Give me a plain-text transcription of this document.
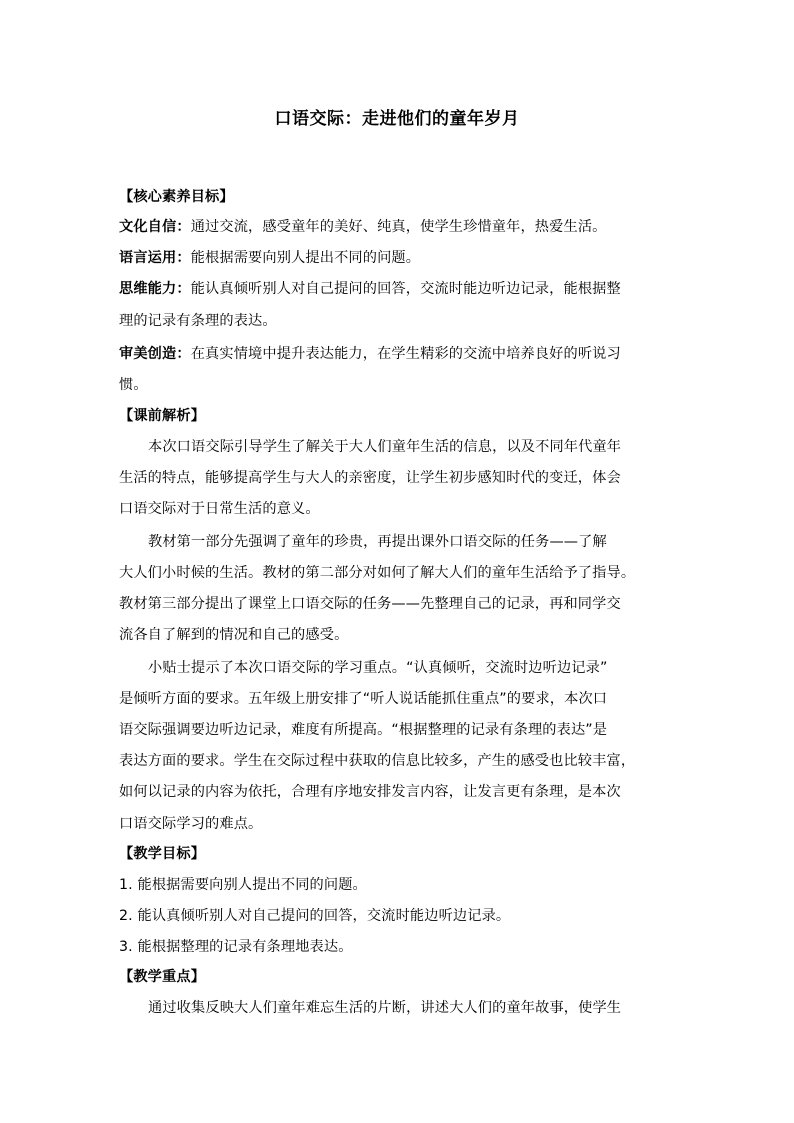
口语交际：走进他们的童年岁月
【核心素养目标】
文化自信：通过交流，感受童年的美好、纯真，使学生珍惜童年，热爱生活。
语言运用：能根据需要向别人提出不同的问题。
思维能力：能认真倾听别人对自己提问的回答，交流时能边听边记录，能根据整
理的记录有条理的表达。
审美创造：在真实情境中提升表达能力，在学生精彩的交流中培养良好的听说习
惯。
【课前解析】
本次口语交际引导学生了解关于大人们童年生活的信息，以及不同年代童年
生活的特点，能够提高学生与大人的亲密度，让学生初步感知时代的变迁，体会
口语交际对于日常生活的意义。
教材第一部分先强调了童年的珍贵，再提出课外口语交际的任务——了解
大人们小时候的生活。教材的第二部分对如何了解大人们的童年生活给予了指导。
教材第三部分提出了课堂上口语交际的任务——先整理自己的记录，再和同学交
流各自了解到的情况和自己的感受。
小贴士提示了本次口语交际的学习重点。“认真倾听，交流时边听边记录”
是倾听方面的要求。五年级上册安排了“听人说话能抓住重点”的要求，本次口
语交际强调要边听边记录，难度有所提高。“根据整理的记录有条理的表达”是
表达方面的要求。学生在交际过程中获取的信息比较多，产生的感受也比较丰富，
如何以记录的内容为依托，合理有序地安排发言内容，让发言更有条理，是本次
口语交际学习的难点。
【教学目标】
1. 能根据需要向别人提出不同的问题。
2. 能认真倾听别人对自己提问的回答，交流时能边听边记录。
3. 能根据整理的记录有条理地表达。
【教学重点】
通过收集反映大人们童年难忘生活的片断，讲述大人们的童年故事，使学生
